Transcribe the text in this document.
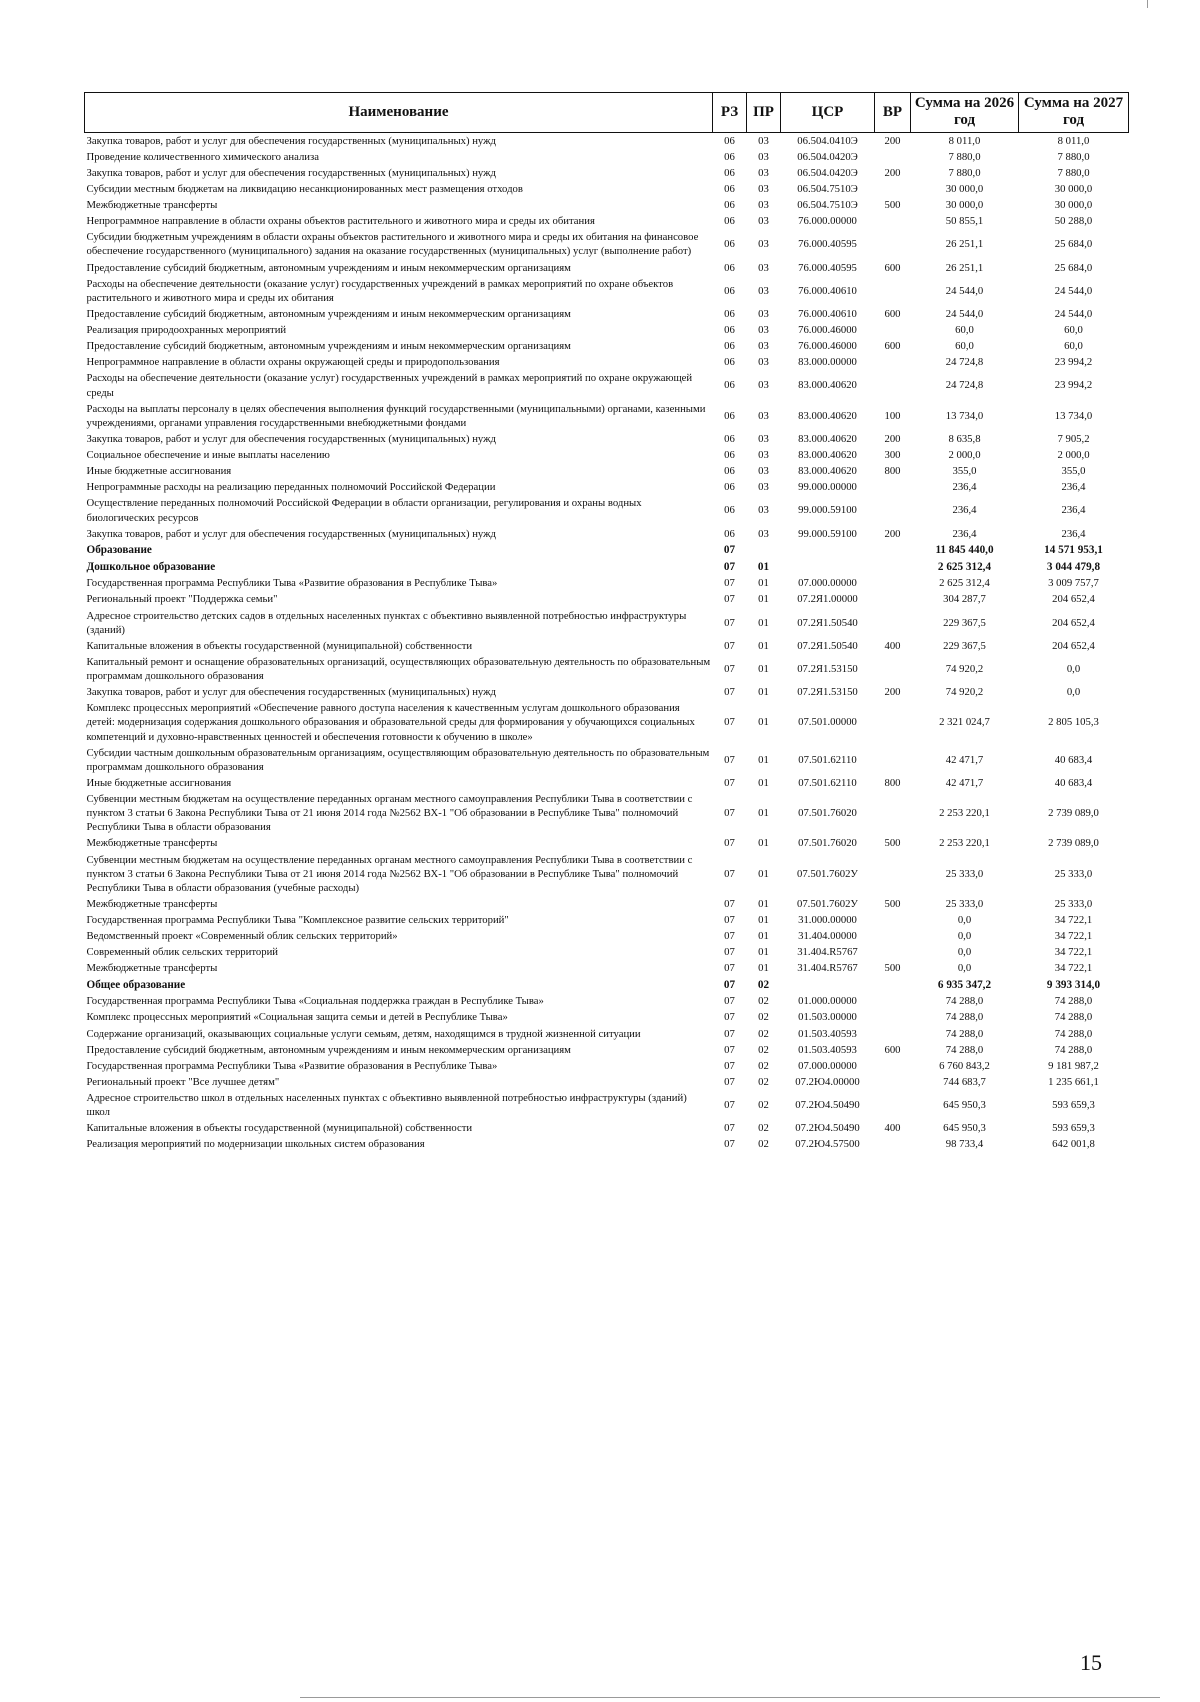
Наименование	РЗ	ПР	ЦСР	ВР	Сумма на 2026 год	Сумма на 2027 год
Закупка товаров, работ и услуг для обеспечения государственных (муниципальных) нужд	06	03	06.504.0410Э	200	8 011,0	8 011,0
Проведение количественного химического анализа	06	03	06.504.0420Э		7 880,0	7 880,0
Закупка товаров, работ и услуг для обеспечения государственных (муниципальных) нужд	06	03	06.504.0420Э	200	7 880,0	7 880,0
Субсидии местным бюджетам на ликвидацию несанкционированных мест размещения отходов	06	03	06.504.7510Э		30 000,0	30 000,0
Межбюджетные трансферты	06	03	06.504.7510Э	500	30 000,0	30 000,0
Непрограммное направление в области охраны объектов растительного и животного мира и среды их обитания	06	03	76.000.00000		50 855,1	50 288,0
Субсидии бюджетным учреждениям в области охраны объектов растительного и животного мира и среды их обитания на финансовое обеспечение государственного (муниципального) задания на оказание государственных (муниципальных) услуг (выполнение работ)	06	03	76.000.40595		26 251,1	25 684,0
Предоставление субсидий бюджетным, автономным учреждениям и иным некоммерческим организациям	06	03	76.000.40595	600	26 251,1	25 684,0
Расходы на обеспечение деятельности (оказание услуг) государственных учреждений в рамках мероприятий по охране объектов растительного и животного мира и среды их обитания	06	03	76.000.40610		24 544,0	24 544,0
Предоставление субсидий бюджетным, автономным учреждениям и иным некоммерческим организациям	06	03	76.000.40610	600	24 544,0	24 544,0
Реализация природоохранных мероприятий	06	03	76.000.46000		60,0	60,0
Предоставление субсидий бюджетным, автономным учреждениям и иным некоммерческим организациям	06	03	76.000.46000	600	60,0	60,0
Непрограммное направление в области охраны окружающей среды и природопользования	06	03	83.000.00000		24 724,8	23 994,2
Расходы на обеспечение деятельности (оказание услуг) государственных учреждений в рамках мероприятий по охране окружающей среды	06	03	83.000.40620		24 724,8	23 994,2
Расходы на выплаты персоналу в целях обеспечения выполнения функций государственными (муниципальными) органами, казенными учреждениями, органами управления государственными внебюджетными фондами	06	03	83.000.40620	100	13 734,0	13 734,0
Закупка товаров, работ и услуг для обеспечения государственных (муниципальных) нужд	06	03	83.000.40620	200	8 635,8	7 905,2
Социальное обеспечение и иные выплаты населению	06	03	83.000.40620	300	2 000,0	2 000,0
Иные бюджетные ассигнования	06	03	83.000.40620	800	355,0	355,0
Непрограммные расходы на реализацию переданных полномочий Российской Федерации	06	03	99.000.00000		236,4	236,4
Осуществление переданных полномочий Российской Федерации в области организации, регулирования и охраны водных биологических ресурсов	06	03	99.000.59100		236,4	236,4
Закупка товаров, работ и услуг для обеспечения государственных (муниципальных) нужд	06	03	99.000.59100	200	236,4	236,4
Образование	07				11 845 440,0	14 571 953,1
Дошкольное образование	07	01			2 625 312,4	3 044 479,8
Государственная программа Республики Тыва «Развитие образования в Республике Тыва»	07	01	07.000.00000		2 625 312,4	3 009 757,7
Региональный проект "Поддержка семьи"	07	01	07.2Я1.00000		304 287,7	204 652,4
Адресное строительство детских садов в отдельных населенных пунктах с объективно выявленной потребностью инфраструктуры (зданий)	07	01	07.2Я1.50540		229 367,5	204 652,4
Капитальные вложения в объекты государственной (муниципальной) собственности	07	01	07.2Я1.50540	400	229 367,5	204 652,4
Капитальный ремонт и оснащение образовательных организаций, осуществляющих образовательную деятельность по образовательным программам дошкольного образования	07	01	07.2Я1.53150		74 920,2	0,0
Закупка товаров, работ и услуг для обеспечения государственных (муниципальных) нужд	07	01	07.2Я1.53150	200	74 920,2	0,0
Комплекс процессных мероприятий «Обеспечение равного доступа населения к качественным услугам дошкольного образования детей: модернизация содержания дошкольного образования и образовательной среды для формирования у обучающихся социальных компетенций и духовно-нравственных ценностей и обеспечения готовности к обучению в школе»	07	01	07.501.00000		2 321 024,7	2 805 105,3
Субсидии частным дошкольным образовательным организациям, осуществляющим образовательную деятельность по образовательным программам дошкольного образования	07	01	07.501.62110		42 471,7	40 683,4
Иные бюджетные ассигнования	07	01	07.501.62110	800	42 471,7	40 683,4
Субвенции местным бюджетам на осуществление переданных органам местного самоуправления Республики Тыва в соответствии с пунктом 3 статьи 6 Закона Республики Тыва от 21 июня 2014 года №2562 ВХ-1 "Об образовании в Республике Тыва" полномочий Республики Тыва в области образования	07	01	07.501.76020		2 253 220,1	2 739 089,0
Межбюджетные трансферты	07	01	07.501.76020	500	2 253 220,1	2 739 089,0
Субвенции местным бюджетам на осуществление переданных органам местного самоуправления Республики Тыва в соответствии с пунктом 3 статьи 6 Закона Республики Тыва от 21 июня 2014 года №2562 ВХ-1 "Об образовании в Республике Тыва" полномочий Республики Тыва в области образования (учебные расходы)	07	01	07.501.7602У		25 333,0	25 333,0
Межбюджетные трансферты	07	01	07.501.7602У	500	25 333,0	25 333,0
Государственная программа Республики Тыва "Комплексное развитие сельских территорий"	07	01	31.000.00000		0,0	34 722,1
Ведомственный проект «Современный облик сельских территорий»	07	01	31.404.00000		0,0	34 722,1
Современный облик сельских территорий	07	01	31.404.R5767		0,0	34 722,1
Межбюджетные трансферты	07	01	31.404.R5767	500	0,0	34 722,1
Общее образование	07	02			6 935 347,2	9 393 314,0
Государственная программа Республики Тыва «Социальная поддержка граждан в Республике Тыва»	07	02	01.000.00000		74 288,0	74 288,0
Комплекс процессных мероприятий «Социальная защита семьи и детей в Республике Тыва»	07	02	01.503.00000		74 288,0	74 288,0
Содержание организаций, оказывающих социальные услуги семьям, детям, находящимся в трудной жизненной ситуации	07	02	01.503.40593		74 288,0	74 288,0
Предоставление субсидий бюджетным, автономным учреждениям и иным некоммерческим организациям	07	02	01.503.40593	600	74 288,0	74 288,0
Государственная программа Республики Тыва «Развитие образования в Республике Тыва»	07	02	07.000.00000		6 760 843,2	9 181 987,2
Региональный проект "Все лучшее детям"	07	02	07.2Ю4.00000		744 683,7	1 235 661,1
Адресное строительство школ в отдельных населенных пунктах с объективно выявленной потребностью инфраструктуры (зданий) школ	07	02	07.2Ю4.50490		645 950,3	593 659,3
Капитальные вложения в объекты государственной (муниципальной) собственности	07	02	07.2Ю4.50490	400	645 950,3	593 659,3
Реализация мероприятий по модернизации школьных систем образования	07	02	07.2Ю4.57500		98 733,4	642 001,8
15
